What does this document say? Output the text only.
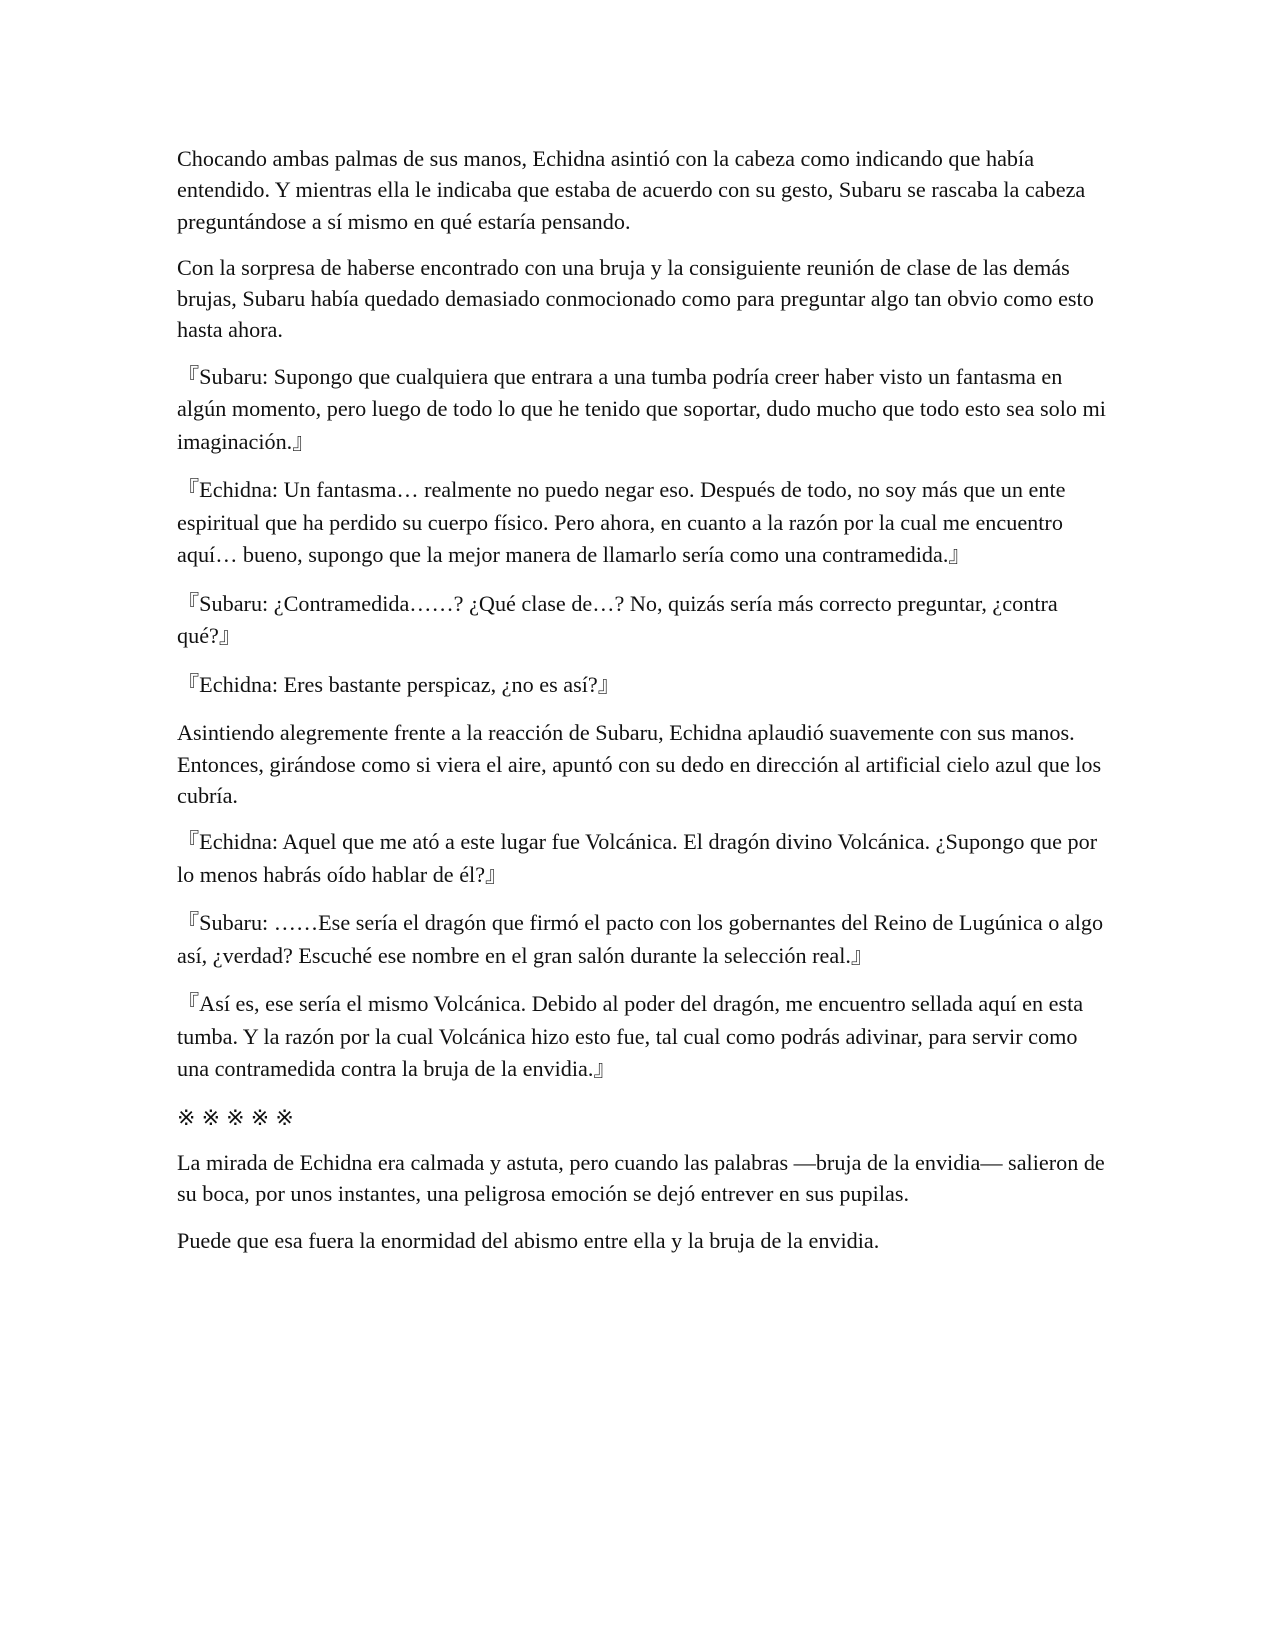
Chocando ambas palmas de sus manos, Echidna asintió con la cabeza como indicando que había entendido. Y mientras ella le indicaba que estaba de acuerdo con su gesto, Subaru se rascaba la cabeza preguntándose a sí mismo en qué estaría pensando.

Con la sorpresa de haberse encontrado con una bruja y la consiguiente reunión de clase de las demás brujas, Subaru había quedado demasiado conmocionado como para preguntar algo tan obvio como esto hasta ahora.

『Subaru: Supongo que cualquiera que entrara a una tumba podría creer haber visto un fantasma en algún momento, pero luego de todo lo que he tenido que soportar, dudo mucho que todo esto sea solo mi imaginación.』

『Echidna: Un fantasma… realmente no puedo negar eso. Después de todo, no soy más que un ente espiritual que ha perdido su cuerpo físico. Pero ahora, en cuanto a la razón por la cual me encuentro aquí… bueno, supongo que la mejor manera de llamarlo sería como una contramedida.』

『Subaru: ¿Contramedida……? ¿Qué clase de…? No, quizás sería más correcto preguntar, ¿contra qué?』

『Echidna: Eres bastante perspicaz, ¿no es así?』

Asintiendo alegremente frente a la reacción de Subaru, Echidna aplaudió suavemente con sus manos. Entonces, girándose como si viera el aire, apuntó con su dedo en dirección al artificial cielo azul que los cubría.

『Echidna: Aquel que me ató a este lugar fue Volcánica. El dragón divino Volcánica. ¿Supongo que por lo menos habrás oído hablar de él?』

『Subaru: ……Ese sería el dragón que firmó el pacto con los gobernantes del Reino de Lugúnica o algo así, ¿verdad? Escuché ese nombre en el gran salón durante la selección real.』

『Así es, ese sería el mismo Volcánica. Debido al poder del dragón, me encuentro sellada aquí en esta tumba. Y la razón por la cual Volcánica hizo esto fue, tal cual como podrás adivinar, para servir como una contramedida contra la bruja de la envidia.』

※※※※※

La mirada de Echidna era calmada y astuta, pero cuando las palabras —bruja de la envidia— salieron de su boca, por unos instantes, una peligrosa emoción se dejó entrever en sus pupilas.

Puede que esa fuera la enormidad del abismo entre ella y la bruja de la envidia.
